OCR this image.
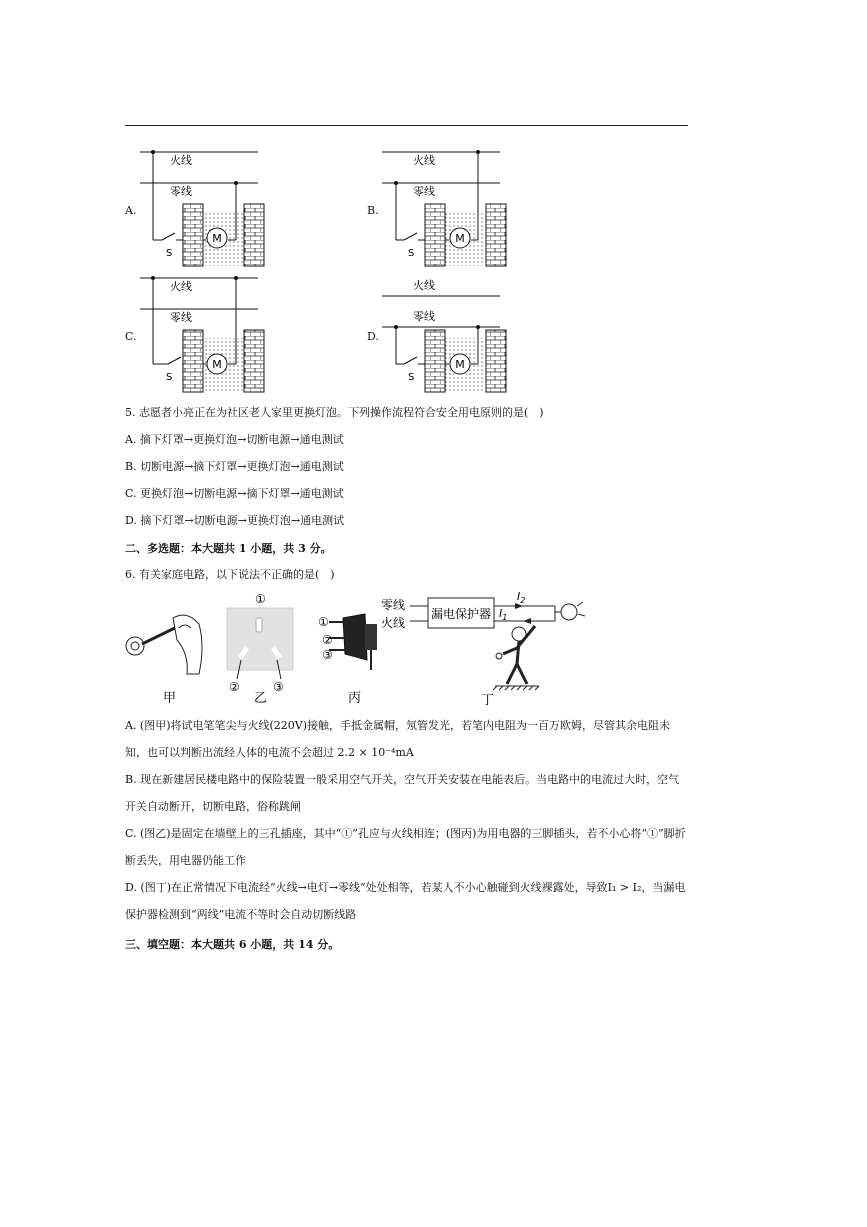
A.	B.
C.	D.
M
S
火线
零线
M
S
火线
零线
M
S
火线
零线
M
S
火线
零线
5. 志愿者小亮正在为社区老人家里更换灯泡。下列操作流程符合安全用电原则的是(　)
A. 摘下灯罩→更换灯泡→切断电源→通电测试
B. 切断电源→摘下灯罩→更换灯泡→通电测试
C. 更换灯泡→切断电源→摘下灯罩→通电测试
D. 摘下灯罩→切断电源→更换灯泡→通电测试
二、多选题：本大题共 1 小题，共 3 分。
6. 有关家庭电路，以下说法不正确的是(　)
甲
①
②	③
乙
①
②
③
丙
零线
火线
漏电保护器
$I_2$
$I_1$
丁
A. (图甲)将试电笔笔尖与火线(220V)接触，手抵金属帽，氖管发光，若笔内电阻为一百万欧姆，尽管其余电阻未知，也可以判断出流经人体的电流不会超过 2.2 × 10⁻⁴mA
B. 现在新建居民楼电路中的保险装置一般采用空气开关，空气开关安装在电能表后。当电路中的电流过大时，空气开关自动断开，切断电路，俗称跳闸
C. (图乙)是固定在墙壁上的三孔插座，其中“①”孔应与火线相连；(图丙)为用电器的三脚插头，若不小心将“①”脚折断丢失，用电器仍能工作
D. (图丁)在正常情况下电流经“火线→电灯→零线”处处相等，若某人不小心触碰到火线裸露处，导致I₁ > I₂，当漏电保护器检测到“两线”电流不等时会自动切断线路
三、填空题：本大题共 6 小题，共 14 分。
